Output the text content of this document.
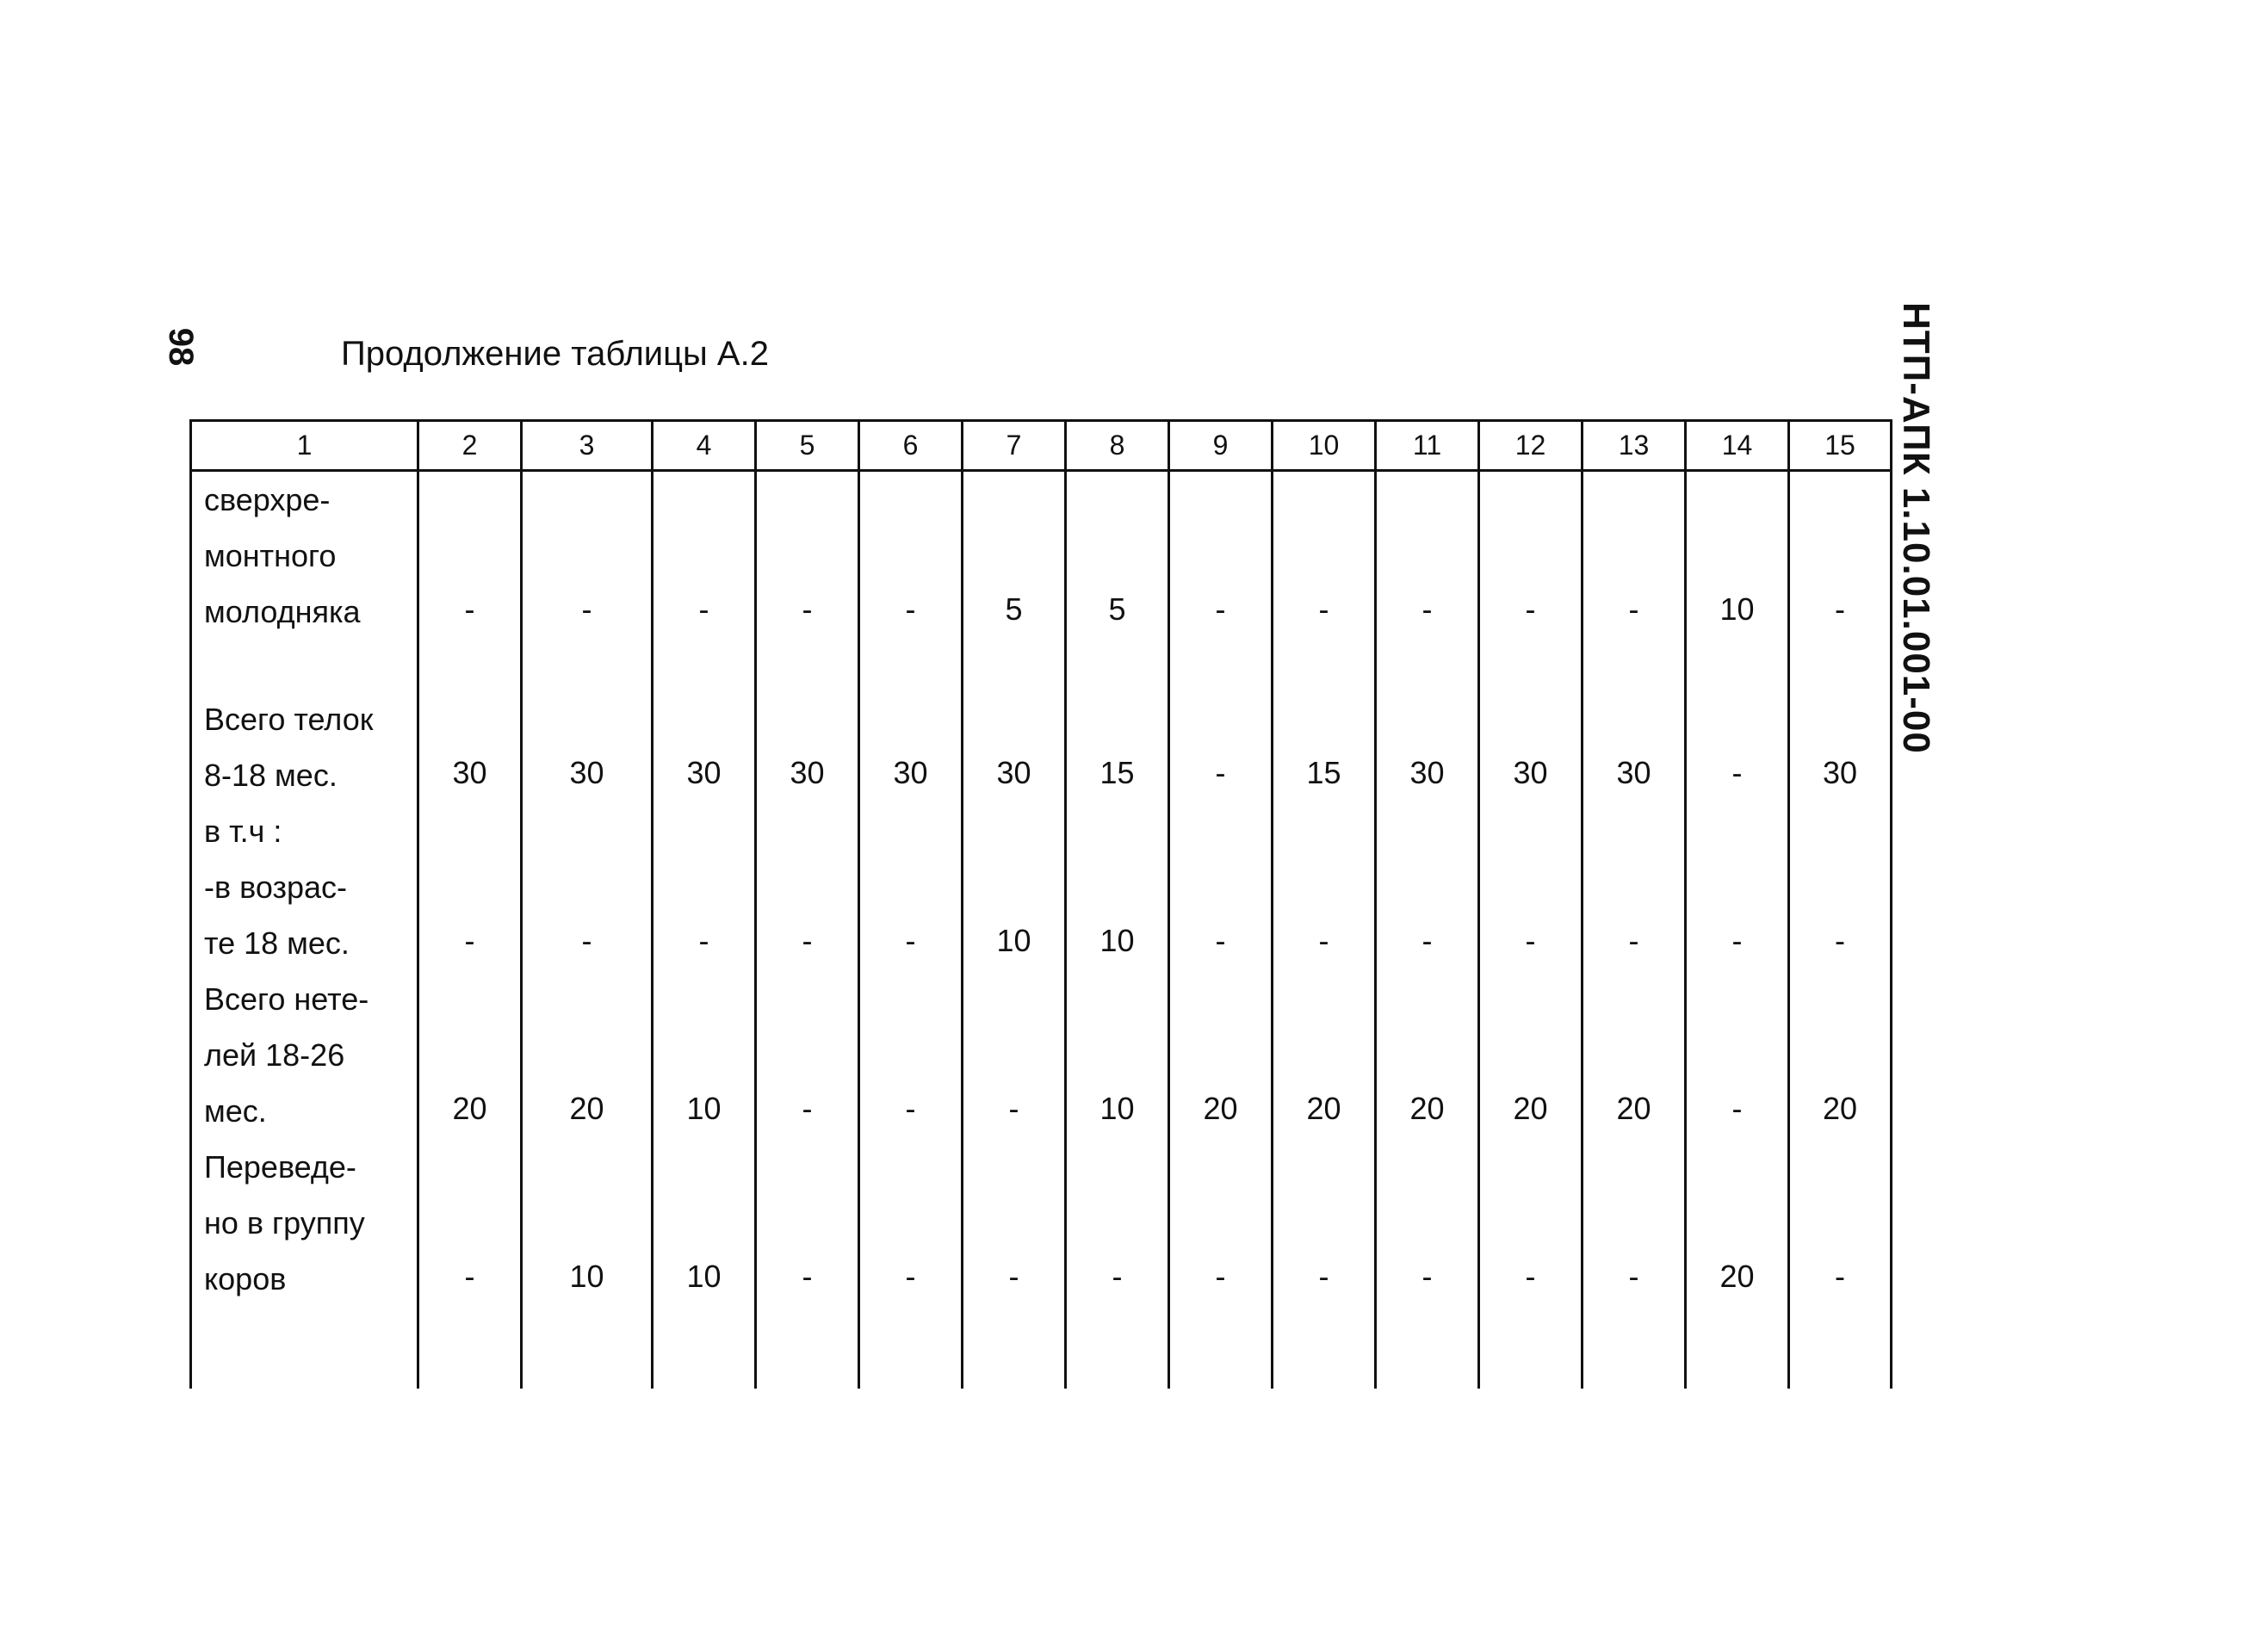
98	НТП-АПК 1.10.01.001-00
Продолжение таблицы А.2
1	2	3	4	5	6	7	8	9	10	11	12	13	14	15
сверхре-
монтного
молодняка	-	-	-	-	-	5	5	-	-	-	-	-	10	-
Всего телок
8-18 мес.	30	30	30	30	30	30	15	-	15	30	30	30	-	30
в т.ч :
-в возрас-
те 18 мес.	-	-	-	-	-	10	10	-	-	-	-	-	-	-
Всего нете-
лей 18-26
мес.	20	20	10	-	-	-	10	20	20	20	20	20	-	20
Переведе-
но в группу
коров	-	10	10	-	-	-	-	-	-	-	-	-	20	-
